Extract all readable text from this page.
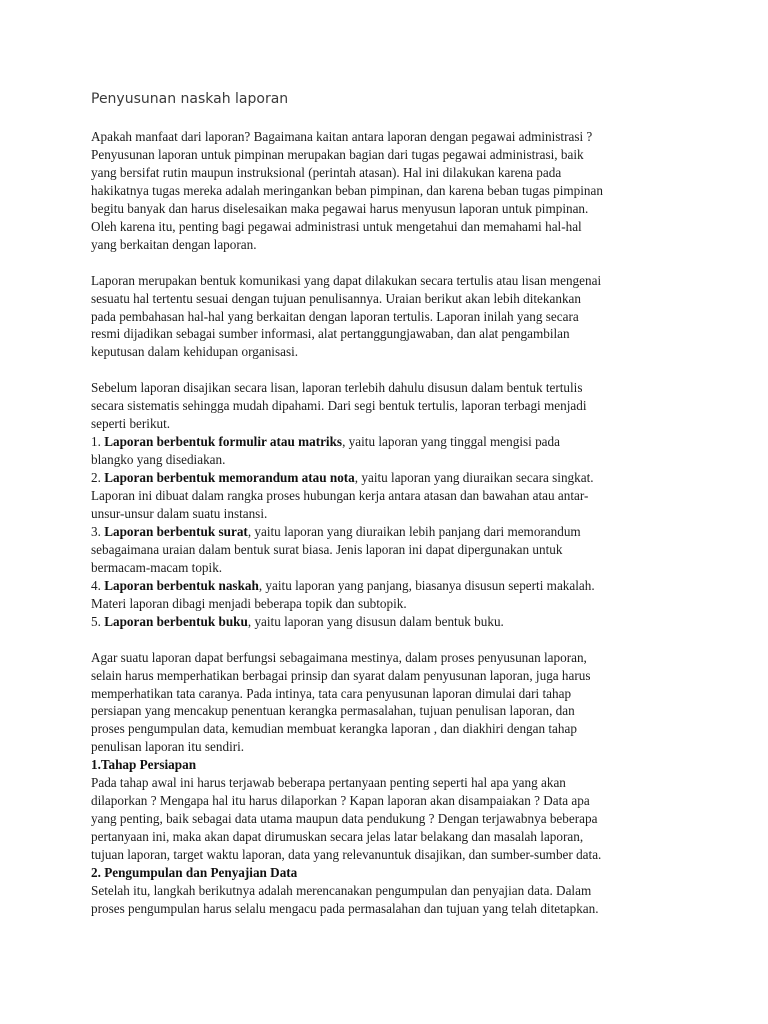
Penyusunan naskah laporan

Apakah manfaat dari laporan? Bagaimana kaitan antara laporan dengan pegawai administrasi ?
Penyusunan laporan untuk pimpinan merupakan bagian dari tugas pegawai administrasi, baik
yang bersifat rutin maupun instruksional (perintah atasan). Hal ini dilakukan karena pada
hakikatnya tugas mereka adalah meringankan beban pimpinan, dan karena beban tugas pimpinan
begitu banyak dan harus diselesaikan maka pegawai harus menyusun laporan untuk pimpinan.
Oleh karena itu, penting bagi pegawai administrasi untuk mengetahui dan memahami hal-hal
yang berkaitan dengan laporan.

Laporan merupakan bentuk komunikasi yang dapat dilakukan secara tertulis atau lisan mengenai
sesuatu hal tertentu sesuai dengan tujuan penulisannya. Uraian berikut akan lebih ditekankan
pada pembahasan hal-hal yang berkaitan dengan laporan tertulis. Laporan inilah yang secara
resmi dijadikan sebagai sumber informasi, alat pertanggungjawaban, dan alat pengambilan
keputusan dalam kehidupan organisasi.

Sebelum laporan disajikan secara lisan, laporan terlebih dahulu disusun dalam bentuk tertulis
secara sistematis sehingga mudah dipahami. Dari segi bentuk tertulis, laporan terbagi menjadi
seperti berikut.
1. Laporan berbentuk formulir atau matriks, yaitu laporan yang tinggal mengisi pada
blangko yang disediakan.
2. Laporan berbentuk memorandum atau nota, yaitu laporan yang diuraikan secara singkat.
Laporan ini dibuat dalam rangka proses hubungan kerja antara atasan dan bawahan atau antar-
unsur-unsur dalam suatu instansi.
3. Laporan berbentuk surat, yaitu laporan yang diuraikan lebih panjang dari memorandum
sebagaimana uraian dalam bentuk surat biasa. Jenis laporan ini dapat dipergunakan untuk
bermacam-macam topik.
4. Laporan berbentuk naskah, yaitu laporan yang panjang, biasanya disusun seperti makalah.
Materi laporan dibagi menjadi beberapa topik dan subtopik.
5. Laporan berbentuk buku, yaitu laporan yang disusun dalam bentuk buku.

Agar suatu laporan dapat berfungsi sebagaimana mestinya, dalam proses penyusunan laporan,
selain harus memperhatikan berbagai prinsip dan syarat dalam penyusunan laporan, juga harus
memperhatikan tata caranya. Pada intinya, tata cara penyusunan laporan dimulai dari tahap
persiapan yang mencakup penentuan kerangka permasalahan, tujuan penulisan laporan, dan
proses pengumpulan data, kemudian membuat kerangka laporan , dan diakhiri dengan tahap
penulisan laporan itu sendiri.
1.Tahap Persiapan
Pada tahap awal ini harus terjawab beberapa pertanyaan penting seperti hal apa yang akan
dilaporkan ? Mengapa hal itu harus dilaporkan ? Kapan laporan akan disampaiakan ? Data apa
yang penting, baik sebagai data utama maupun data pendukung ? Dengan terjawabnya beberapa
pertanyaan ini, maka akan dapat dirumuskan secara jelas latar belakang dan masalah laporan,
tujuan laporan, target waktu laporan, data yang relevanuntuk disajikan, dan sumber-sumber data.
2. Pengumpulan dan Penyajian Data
Setelah itu, langkah berikutnya adalah merencanakan pengumpulan dan penyajian data. Dalam
proses pengumpulan harus selalu mengacu pada permasalahan dan tujuan yang telah ditetapkan.
